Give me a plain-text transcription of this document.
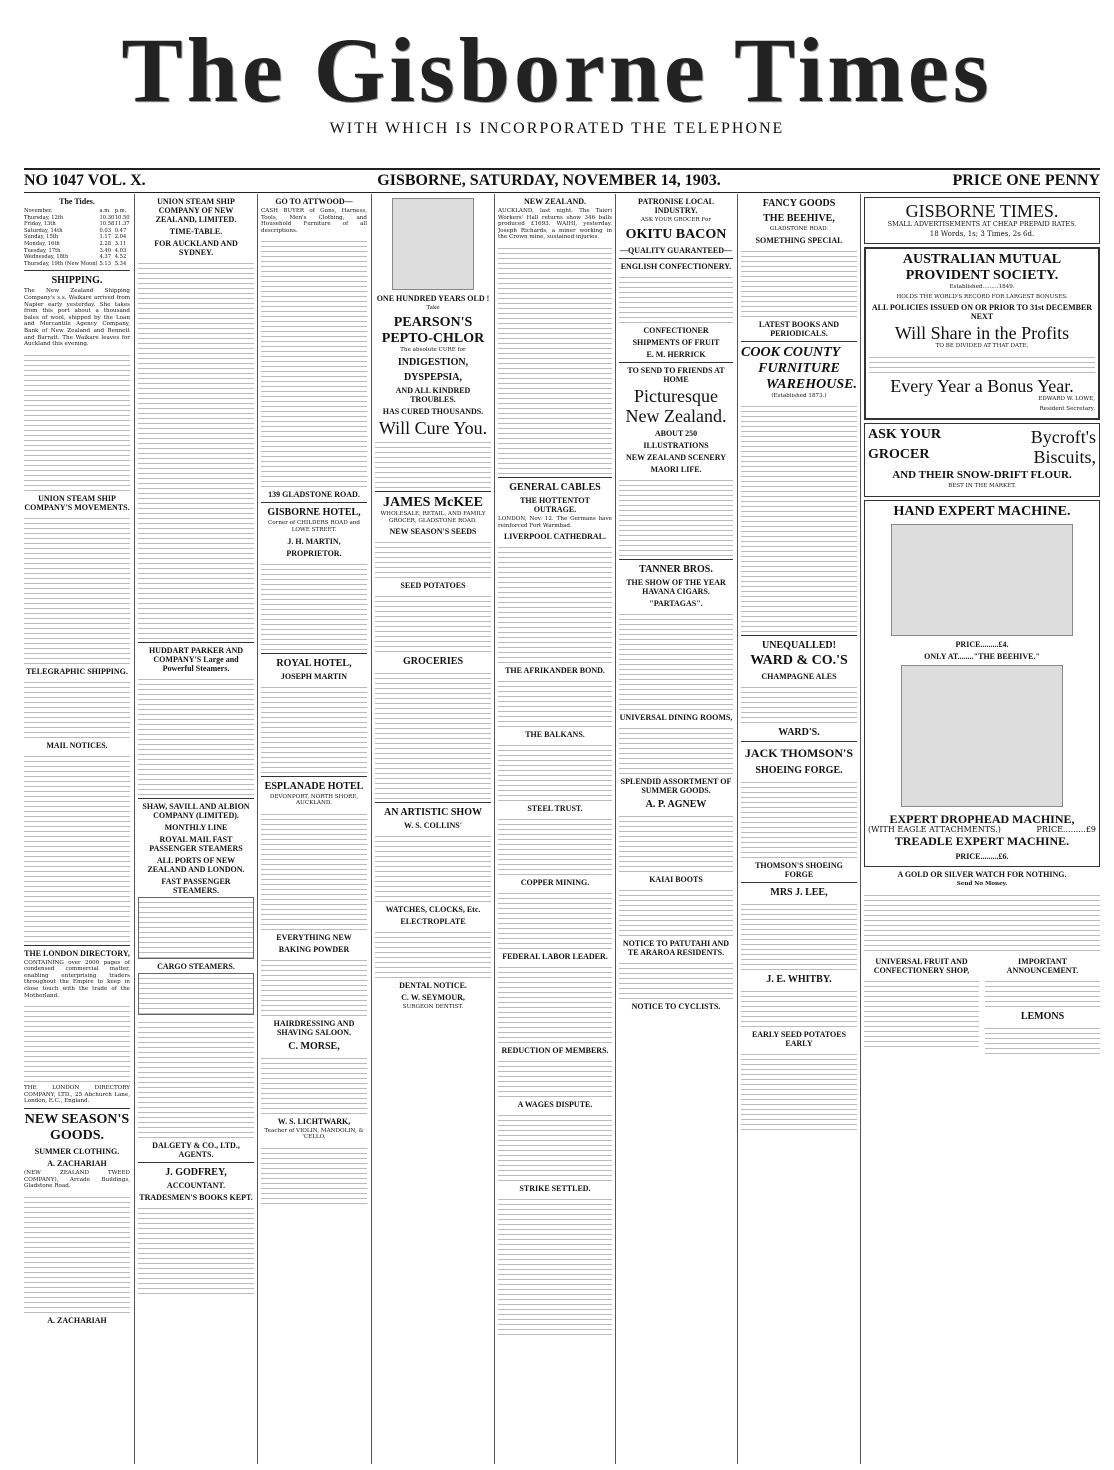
The Gisborne Times
WITH WHICH IS INCORPORATED THE TELEPHONE
NO 1047 VOL. X.	GISBORNE, SATURDAY, NOVEMBER 14, 1903.	PRICE ONE PENNY
The Tides.
November.	a.m.	p.m.
Thursday, 12th	10.30	10.50
Friday, 13th	10.58	11.37
Saturday, 14th	0.03	0.47
Sunday, 15th	1.17	2.04
Monday, 16th	2.28	3.11
Tuesday, 17th	3.40	4.03
Wednesday, 18th	4.37	4.52
Thursday, 19th (New Moon)	5.13	5.34
SHIPPING.

The New Zealand Shipping Company's s.s. Waikare arrived from Napier early yesterday. She takes from this port about a thousand bales of wool, shipped by the Loan and Mercantile Agency Company, Bank of New Zealand and Bennett and Barratt. The Waikare leaves for Auckland this evening.

UNION STEAM SHIP COMPANY'S MOVEMENTS.

TELEGRAPHIC SHIPPING.

MAIL NOTICES.

THE LONDON DIRECTORY,

CONTAINING over 2000 pages of condensed commercial matter, enabling enterprising traders throughout the Empire to keep in close touch with the trade of the Motherland.

THE LONDON DIRECTORY COMPANY, LTD., 25 Abchurch Lane, London, E.C., England.

NEW SEASON'S GOODS.
SUMMER CLOTHING.
A. ZACHARIAH

(NEW ZEALAND TWEED COMPANY), Arcade Buildings, Gladstone Road.

A. ZACHARIAH
UNION STEAM SHIP COMPANY OF NEW ZEALAND, LIMITED.
TIME-TABLE.
FOR AUCKLAND AND SYDNEY.

HUDDART PARKER AND COMPANY'S Large and Powerful Steamers.

SHAW, SAVILL AND ALBION COMPANY (LIMITED).
MONTHLY LINE
ROYAL MAIL FAST PASSENGER STEAMERS
ALL PORTS OF NEW ZEALAND AND LONDON.
FAST PASSENGER STEAMERS.

CARGO STEAMERS.

DALGETY & CO., LTD., AGENTS.
J. GODFREY,
ACCOUNTANT.
TRADESMEN'S BOOKS KEPT.

GO TO ATTWOOD—

CASH BUYER of Guns, Harness, Tools, Men's Clothing, and Household Furniture of all descriptions.

139 GLADSTONE ROAD.
GISBORNE HOTEL,

Corner of CHILDERS ROAD and LOWE STREET.

J. H. MARTIN,
PROPRIETOR.

ROYAL HOTEL,
JOSEPH MARTIN

ESPLANADE HOTEL

DEVONPORT, NORTH SHORE, AUCKLAND.

EVERYTHING NEW
BAKING POWDER

HAIRDRESSING AND SHAVING SALOON.
C. MORSE,

W. S. LICHTWARK,

Teacher of VIOLIN, MANDOLIN, & 'CELLO.

ONE HUNDRED YEARS OLD !

Take

PEARSON'S
PEPTO-CHLOR

The absolute CURE for

INDIGESTION,
DYSPEPSIA,
AND ALL KINDRED TROUBLES.
HAS CURED THOUSANDS.
Will Cure You.

JAMES McKEE

WHOLESALE, RETAIL, AND FAMILY GROCER, GLADSTONE ROAD.

NEW SEASON'S SEEDS

SEED POTATOES

GROCERIES

AN ARTISTIC SHOW
W. S. COLLINS'

WATCHES, CLOCKS, Etc.
ELECTROPLATE

DENTAL NOTICE.
C. W. SEYMOUR,

SURGEON DENTIST.

NEW ZEALAND.

AUCKLAND, last night. The Taieri Workers' Hall returns show 346 balls produced £1693. WAIHI, yesterday. Joseph Richards, a miner working in the Crown mine, sustained injuries.

GENERAL CABLES
THE HOTTENTOT OUTRAGE.

LONDON, Nov. 12. The Germans have reinforced Fort Warmbad.

LIVERPOOL CATHEDRAL.

THE AFRIKANDER BOND.

THE BALKANS.

STEEL TRUST.

COPPER MINING.

FEDERAL LABOR LEADER.

REDUCTION OF MEMBERS.

A WAGES DISPUTE.

STRIKE SETTLED.

PATRONISE LOCAL INDUSTRY.

ASK YOUR GROCER For

OKITU BACON
—QUALITY GUARANTEED—
ENGLISH CONFECTIONERY.

CONFECTIONER
SHIPMENTS OF FRUIT
E. M. HERRICK
TO SEND TO FRIENDS AT HOME
Picturesque
New Zealand.
ABOUT 250
ILLUSTRATIONS
NEW ZEALAND SCENERY
MAORI LIFE.

TANNER BROS.
THE SHOW OF THE YEAR HAVANA CIGARS.
"PARTAGAS".

UNIVERSAL DINING ROOMS,

SPLENDID ASSORTMENT OF SUMMER GOODS.
A. P. AGNEW

KAIAI BOOTS

NOTICE TO PATUTAHI AND TE ARAROA RESIDENTS.

NOTICE TO CYCLISTS.
FANCY GOODS
THE BEEHIVE,

GLADSTONE ROAD.

SOMETHING SPECIAL

LATEST BOOKS AND PERIODICALS.
COOK COUNTY
FURNITURE
WAREHOUSE.

(Established 1873.)

UNEQUALLED!
WARD & CO.'S
CHAMPAGNE ALES

WARD'S.
JACK THOMSON'S
SHOEING FORGE.

THOMSON'S SHOEING FORGE
MRS J. LEE,

J. E. WHITBY.

EARLY SEED POTATOES EARLY

GISBORNE TIMES.

SMALL ADVERTISEMENTS AT CHEAP PREPAID RATES.

18 Words, 1s; 3 Times, 2s 6d.

AUSTRALIAN MUTUAL PROVIDENT SOCIETY.

Established.........1849.

HOLDS THE WORLD'S RECORD FOR LARGEST BONUSES.

ALL POLICIES ISSUED ON OR PRIOR TO 31st DECEMBER NEXT
Will Share in the Profits

TO BE DIVIDED AT THAT DATE,

Every Year a Bonus Year.

EDWARD W. LOWE,

Resident Secretary.

ASK YOUR	Bycroft's
GROCER	Biscuits,
AND THEIR SNOW-DRIFT FLOUR.

BEST IN THE MARKET.

HAND EXPERT MACHINE.
PRICE.........£4.
ONLY AT........"THE BEEHIVE."
EXPERT DROPHEAD MACHINE,
(WITH EAGLE ATTACHMENTS.)	PRICE.........£9
TREADLE EXPERT MACHINE.
PRICE.........£6.
A GOLD OR SILVER WATCH FOR NOTHING.

Send No Money.

UNIVERSAL FRUIT AND CONFECTIONERY SHOP,

IMPORTANT ANNOUNCEMENT.

LEMONS
